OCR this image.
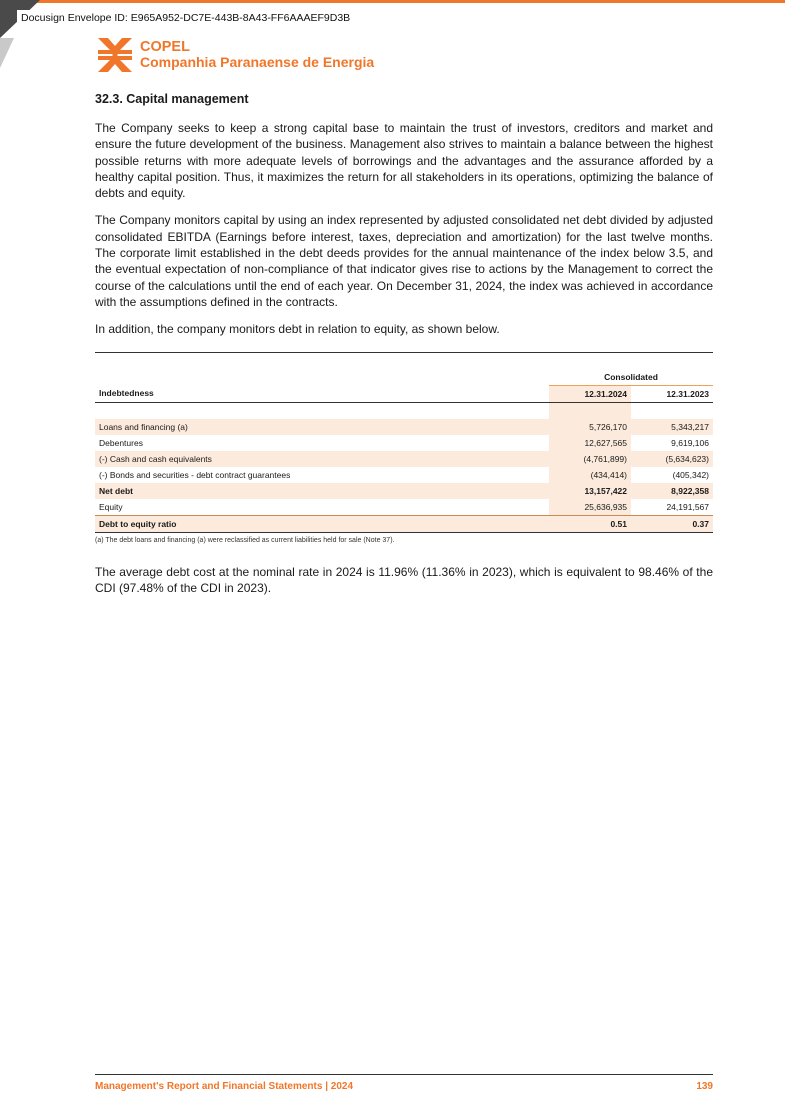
Docusign Envelope ID: E965A952-DC7E-443B-8A43-FF6AAAEF9D3B
COPEL
Companhia Paranaense de Energia
32.3. Capital management

The Company seeks to keep a strong capital base to maintain the trust of investors, creditors and market and ensure the future development of the business. Management also strives to maintain a balance between the highest possible returns with more adequate levels of borrowings and the advantages and the assurance afforded by a healthy capital position. Thus, it maximizes the return for all stakeholders in its operations, optimizing the balance of debts and equity.

The Company monitors capital by using an index represented by adjusted consolidated net debt divided by adjusted consolidated EBITDA (Earnings before interest, taxes, depreciation and amortization) for the last twelve months. The corporate limit established in the debt deeds provides for the annual maintenance of the index below 3.5, and the eventual expectation of non-compliance of that indicator gives rise to actions by the Management to correct the course of the calculations until the end of each year. On December 31, 2024, the index was achieved in accordance with the assumptions defined in the contracts.

In addition, the company monitors debt in relation to equity, as shown below.

	Consolidated	
Indebtedness	12.31.2024	12.31.2023

Loans and financing (a)	5,726,170	5,343,217
Debentures	12,627,565	9,619,106
(-) Cash and cash equivalents	(4,761,899)	(5,634,623)
(-) Bonds and securities - debt contract guarantees	(434,414)	(405,342)
Net debt	13,157,422	8,922,358
Equity	25,636,935	24,191,567
Debt to equity ratio	0.51	0.37
(a) The debt loans and financing (a) were reclassified as current liabilities held for sale (Note 37).

The average debt cost at the nominal rate in 2024 is 11.96% (11.36% in 2023), which is equivalent to 98.46% of the CDI (97.48% of the CDI in 2023).

Management's Report and Financial Statements | 2024	139
